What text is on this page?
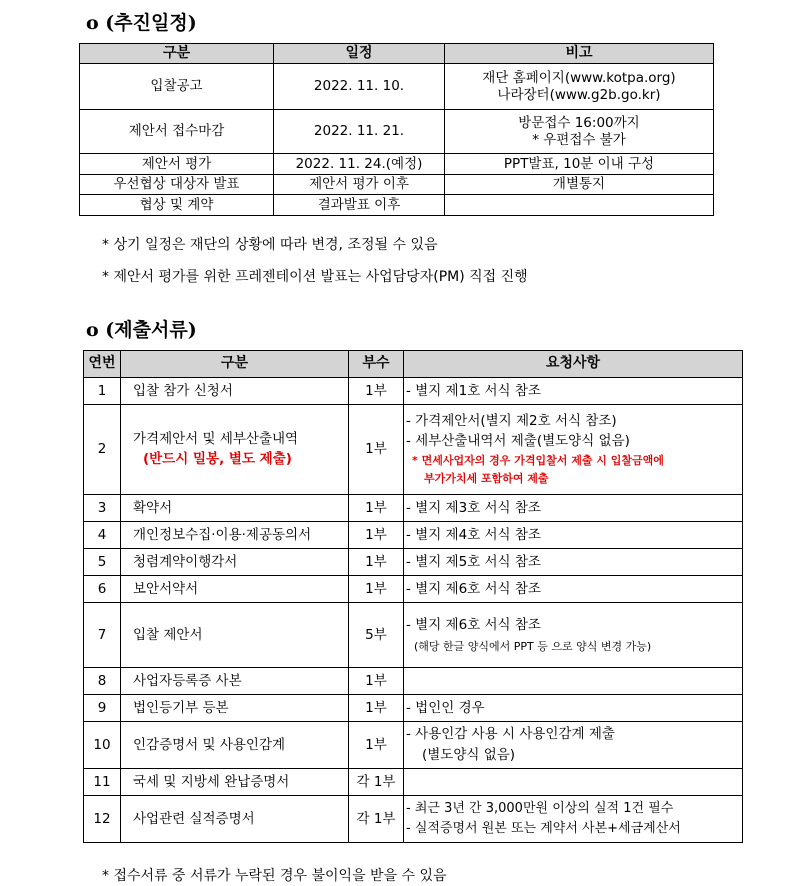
o (추진일정)
구분	일정	비고
입찰공고	2022. 11. 10.	재단 홈페이지(www.kotpa.org)
나라장터(www.g2b.go.kr)

제안서 접수마감	2022. 11. 21.	방문접수 16:00까지
* 우편접수 불가

제안서 평가	2022. 11. 24.(예정)	PPT발표, 10분 이내 구성
우선협상 대상자 발표	제안서 평가 이후	개별통지
협상 및 계약	결과발표 이후	
* 상기 일정은 재단의 상황에 따라 변경, 조정될 수 있음
* 제안서 평가를 위한 프레젠테이션 발표는 사업담당자(PM) 직접 진행
o (제출서류)
연번	구분	부수	요청사항
1	입찰 참가 신청서	1부	- 별지 제1호 서식 참조
2	가격제안서 및 세부산출내역
(반드시 밀봉, 별도 제출)	1부	- 가격제안서(별지 제2호 서식 참조)
- 세부산출내역서 제출(별도양식 없음)
* 면세사업자의 경우 가격입찰서 제출 시 입찰금액에
부가가치세 포함하여 제출

3	확약서	1부	- 별지 제3호 서식 참조
4	개인정보수집·이용·제공동의서	1부	- 별지 제4호 서식 참조
5	청렴계약이행각서	1부	- 별지 제5호 서식 참조
6	보안서약서	1부	- 별지 제6호 서식 참조
7	입찰 제안서	5부	- 별지 제6호 서식 참조
(해당 한글 양식에서 PPT 등 으로 양식 변경 가능)

8	사업자등록증 사본	1부	
9	법인등기부 등본	1부	- 법인인 경우
10	인감증명서 및 사용인감계	1부	- 사용인감 사용 시 사용인감계 제출
(별도양식 없음)

11	국세 및 지방세 완납증명서	각 1부	
12	사업관련 실적증명서	각 1부	- 최근 3년 간 3,000만원 이상의 실적 1건 필수
- 실적증명서 원본 또는 계약서 사본+세금계산서
* 접수서류 중 서류가 누락된 경우 불이익을 받을 수 있음
